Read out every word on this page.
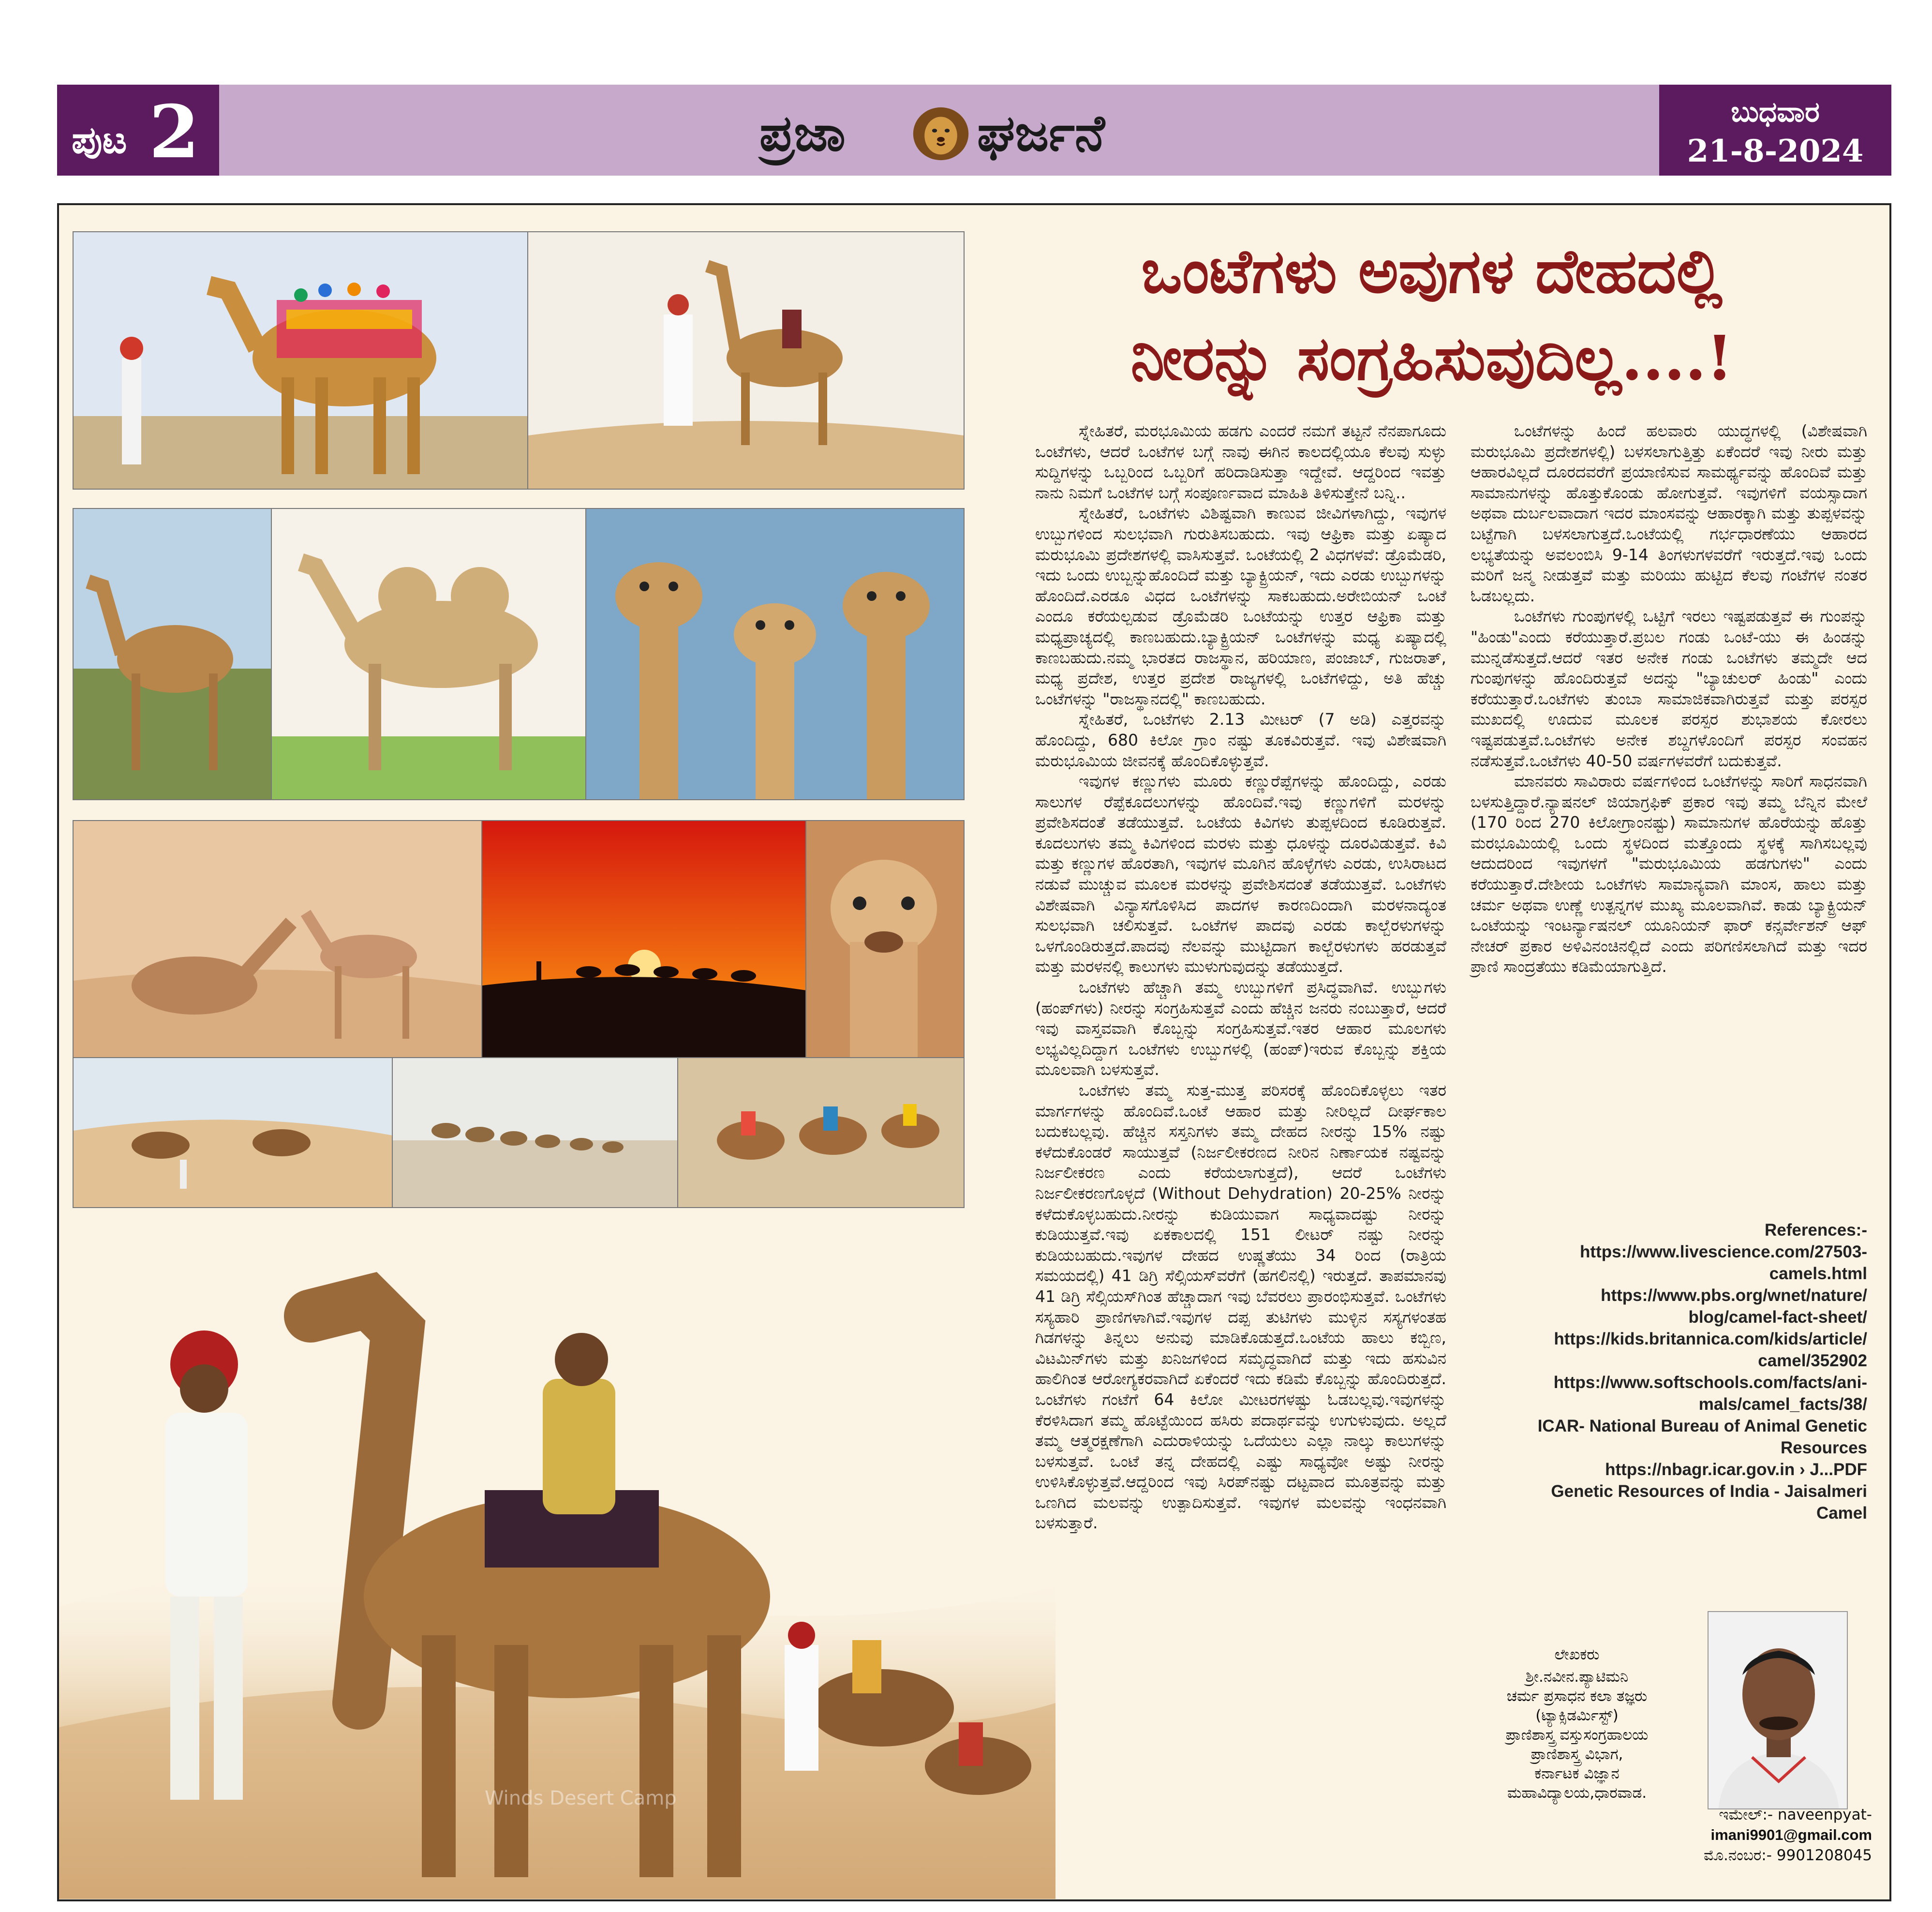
ಪುಟ 2	ಪ್ರಜಾ	ಘರ್ಜನೆ	ಬುಧವಾರ
21-8-2024
Winds Desert Camp
ಒಂಟೆಗಳು ಅವುಗಳ ದೇಹದಲ್ಲಿ
ನೀರನ್ನು ಸಂಗ್ರಹಿಸುವುದಿಲ್ಲ....!

ಸ್ನೇಹಿತರೆ, ಮರಭೂಮಿಯ ಹಡಗು ಎಂದರೆ ನಮಗೆ ತಟ್ಟನೆ ನೆನಪಾಗೂದು ಒಂಟೆಗಳು, ಆದರೆ ಒಂಟೆಗಳ ಬಗ್ಗೆ ನಾವು ಈಗಿನ ಕಾಲದಲ್ಲಿಯೂ ಕೆಲವು ಸುಳ್ಳು ಸುದ್ದಿಗಳನ್ನು ಒಬ್ಬರಿಂದ ಒಬ್ಬರಿಗೆ ಹರಿದಾಡಿಸುತ್ತಾ ಇದ್ದೇವೆ. ಆದ್ದರಿಂದ ಇವತ್ತು ನಾನು ನಿಮಗೆ ಒಂಟೆಗಳ ಬಗ್ಗೆ ಸಂಪೂರ್ಣವಾದ ಮಾಹಿತಿ ತಿಳಿಸುತ್ತೇನೆ ಬನ್ನಿ..

ಸ್ನೇಹಿತರೆ, ಒಂಟೆಗಳು ವಿಶಿಷ್ಟವಾಗಿ ಕಾಣುವ ಜೀವಿಗಳಾಗಿದ್ದು, ಇವುಗಳ ಉಬ್ಬುಗಳಿಂದ ಸುಲಭವಾಗಿ ಗುರುತಿಸಬಹುದು. ಇವು ಆಫ್ರಿಕಾ ಮತ್ತು ಏಷ್ಯಾದ ಮರುಭೂಮಿ ಪ್ರದೇಶಗಳಲ್ಲಿ ವಾಸಿಸುತ್ತವೆ. ಒಂಟೆಯಲ್ಲಿ 2 ವಿಧಗಳವೆ: ಡ್ರೊಮೆಡರಿ, ಇದು ಒಂದು ಉಬ್ಬನ್ನುಹೊಂದಿದೆ ಮತ್ತು ಬ್ಯಾಕ್ಟ್ರಿಯನ್, ಇದು ಎರಡು ಉಬ್ಬುಗಳನ್ನು ಹೊಂದಿದೆ.ಎರಡೂ ವಿಧದ ಒಂಟೆಗಳನ್ನು ಸಾಕಬಹುದು.ಅರೇಬಿಯನ್ ಒಂಟೆ ಎಂದೂ ಕರೆಯಲ್ಪಡುವ ಡ್ರೊಮೆಡರಿ ಒಂಟೆಯನ್ನು ಉತ್ತರ ಆಫ್ರಿಕಾ ಮತ್ತು ಮಧ್ಯಪ್ರಾಚ್ಯದಲ್ಲಿ ಕಾಣಬಹುದು.ಬ್ಯಾಕ್ಟ್ರಿಯನ್ ಒಂಟೆಗಳನ್ನು ಮಧ್ಯ ಏಷ್ಯಾದಲ್ಲಿ ಕಾಣಬಹುದು.ನಮ್ಮ ಭಾರತದ ರಾಜಸ್ಥಾನ, ಹರಿಯಾಣ, ಪಂಜಾಬ್, ಗುಜರಾತ್, ಮಧ್ಯ ಪ್ರದೇಶ, ಉತ್ತರ ಪ್ರದೇಶ ರಾಜ್ಯಗಳಲ್ಲಿ ಒಂಟೆಗಳಿದ್ದು, ಅತಿ ಹೆಚ್ಚು ಒಂಟೆಗಳನ್ನು "ರಾಜಸ್ಥಾನದಲ್ಲಿ" ಕಾಣಬಹುದು.

ಸ್ನೇಹಿತರೆ, ಒಂಟೆಗಳು 2.13 ಮೀಟರ್ (7 ಅಡಿ) ಎತ್ತರವನ್ನು ಹೊಂದಿದ್ದು, 680 ಕಿಲೋ ಗ್ರಾಂ ನಷ್ಟು ತೂಕವಿರುತ್ತವೆ. ಇವು ವಿಶೇಷವಾಗಿ ಮರುಭೂಮಿಯ ಜೀವನಕ್ಕೆ ಹೊಂದಿಕೊಳ್ಳುತ್ತವೆ.

ಇವುಗಳ ಕಣ್ಣುಗಳು ಮೂರು ಕಣ್ಣುರೆಪ್ಪೆಗಳನ್ನು ಹೊಂದಿದ್ದು, ಎರಡು ಸಾಲುಗಳ ರೆಪ್ಪೆಕೂದಲುಗಳನ್ನು ಹೊಂದಿವೆ.ಇವು ಕಣ್ಣುಗಳಿಗೆ ಮರಳನ್ನು ಪ್ರವೇಶಿಸದಂತೆ ತಡೆಯುತ್ತವೆ. ಒಂಟೆಯ ಕಿವಿಗಳು ತುಪ್ಪಳದಿಂದ ಕೂಡಿರುತ್ತವೆ. ಕೂದಲುಗಳು ತಮ್ಮ ಕಿವಿಗಳಿಂದ ಮರಳು ಮತ್ತು ಧೂಳನ್ನು ದೂರವಿಡುತ್ತವೆ. ಕಿವಿ ಮತ್ತು ಕಣ್ಣುಗಳ ಹೊರತಾಗಿ, ಇವುಗಳ ಮೂಗಿನ ಹೊಳ್ಳೆಗಳು ಎರಡು, ಉಸಿರಾಟದ ನಡುವೆ ಮುಚ್ಚುವ ಮೂಲಕ ಮರಳನ್ನು ಪ್ರವೇಶಿಸದಂತೆ ತಡೆಯುತ್ತವೆ. ಒಂಟೆಗಳು ವಿಶೇಷವಾಗಿ ವಿನ್ಯಾಸಗೊಳಿಸಿದ ಪಾದಗಳ ಕಾರಣದಿಂದಾಗಿ ಮರಳನಾದ್ಯಂತ ಸುಲಭವಾಗಿ ಚಲಿಸುತ್ತವೆ. ಒಂಟೆಗಳ ಪಾದವು ಎರಡು ಕಾಲ್ಬೆರಳುಗಳನ್ನು ಒಳಗೊಂಡಿರುತ್ತದೆ.ಪಾದವು ನೆಲವನ್ನು ಮುಟ್ಟಿದಾಗ ಕಾಲ್ಬೆರಳುಗಳು ಹರಡುತ್ತವೆ ಮತ್ತು ಮರಳನಲ್ಲಿ ಕಾಲುಗಳು ಮುಳುಗುವುದನ್ನು ತಡೆಯುತ್ತದೆ.

ಒಂಟೆಗಳು ಹೆಚ್ಚಾಗಿ ತಮ್ಮ ಉಬ್ಬುಗಳಿಗೆ ಪ್ರಸಿದ್ಧವಾಗಿವೆ. ಉಬ್ಬುಗಳು (ಹಂಪ್‌ಗಳು) ನೀರನ್ನು ಸಂಗ್ರಹಿಸುತ್ತವೆ ಎಂದು ಹೆಚ್ಚಿನ ಜನರು ನಂಬುತ್ತಾರೆ, ಆದರೆ ಇವು ವಾಸ್ತವವಾಗಿ ಕೊಬ್ಬನ್ನು ಸಂಗ್ರಹಿಸುತ್ತವೆ.ಇತರ ಆಹಾರ ಮೂಲಗಳು ಲಭ್ಯವಿಲ್ಲದಿದ್ದಾಗ ಒಂಟೆಗಳು ಉಬ್ಬುಗಳಲ್ಲಿ (ಹಂಪ್)ಇರುವ ಕೊಬ್ಬನ್ನು ಶಕ್ತಿಯ ಮೂಲವಾಗಿ ಬಳಸುತ್ತವೆ.

ಒಂಟೆಗಳು ತಮ್ಮ ಸುತ್ತ-ಮುತ್ತ ಪರಿಸರಕ್ಕೆ ಹೊಂದಿಕೊಳ್ಳಲು ಇತರ ಮಾರ್ಗಗಳನ್ನು ಹೊಂದಿವೆ.ಒಂಟೆ ಆಹಾರ ಮತ್ತು ನೀರಿಲ್ಲದೆ ದೀರ್ಘಕಾಲ ಬದುಕಬಲ್ಲವು. ಹೆಚ್ಚಿನ ಸಸ್ತನಿಗಳು ತಮ್ಮ ದೇಹದ ನೀರನ್ನು 15% ನಷ್ಟು ಕಳೆದುಕೊಂಡರೆ ಸಾಯುತ್ತವೆ (ನಿರ್ಜಲೀಕರಣದ ನೀರಿನ ನಿರ್ಣಾಯಕ ನಷ್ಟವನ್ನು ನಿರ್ಜಲೀಕರಣ ಎಂದು ಕರೆಯಲಾಗುತ್ತದೆ), ಆದರೆ ಒಂಟೆಗಳು ನಿರ್ಜಲೀಕರಣಗೊಳ್ಳದೆ (Without Dehydration) 20-25% ನೀರನ್ನು ಕಳೆದುಕೊಳ್ಳಬಹುದು.ನೀರನ್ನು ಕುಡಿಯುವಾಗ ಸಾಧ್ಯವಾದಷ್ಟು ನೀರನ್ನು ಕುಡಿಯುತ್ತವೆ.ಇವು ಏಕಕಾಲದಲ್ಲಿ 151 ಲೀಟರ್ ನಷ್ಟು ನೀರನ್ನು ಕುಡಿಯಬಹುದು.ಇವುಗಳ ದೇಹದ ಉಷ್ಣತೆಯು 34 ರಿಂದ (ರಾತ್ರಿಯ ಸಮಯದಲ್ಲಿ) 41 ಡಿಗ್ರಿ ಸೆಲ್ಸಿಯಸ್‌ವರೆಗೆ (ಹಗಲಿನಲ್ಲಿ) ಇರುತ್ತದೆ. ತಾಪಮಾನವು 41 ಡಿಗ್ರಿ ಸೆಲ್ಸಿಯಸ್‌ಗಿಂತ ಹೆಚ್ಚಾದಾಗ ಇವು ಬೆವರಲು ಪ್ರಾರಂಭಿಸುತ್ತವೆ. ಒಂಟೆಗಳು ಸಸ್ಯಹಾರಿ ಪ್ರಾಣಿಗಳಾಗಿವೆ.ಇವುಗಳ ದಪ್ಪ ತುಟಿಗಳು ಮುಳ್ಳಿನ ಸಸ್ಯಗಳಂತಹ ಗಿಡಗಳನ್ನು ತಿನ್ನಲು ಅನುವು ಮಾಡಿಕೊಡುತ್ತದೆ.ಒಂಟೆಯ ಹಾಲು ಕಬ್ಬಿಣ, ವಿಟಮಿನ್‌ಗಳು ಮತ್ತು ಖನಿಜಗಳಿಂದ ಸಮೃದ್ಧವಾಗಿದೆ ಮತ್ತು ಇದು ಹಸುವಿನ ಹಾಲಿಗಿಂತ ಆರೋಗ್ಯಕರವಾಗಿದೆ ಏಕೆಂದರೆ ಇದು ಕಡಿಮೆ ಕೊಬ್ಬನ್ನು ಹೊಂದಿರುತ್ತದೆ. ಒಂಟೆಗಳು ಗಂಟೆಗೆ 64 ಕಿಲೋ ಮೀಟರಗಳಷ್ಟು ಓಡಬಲ್ಲವು.ಇವುಗಳನ್ನು ಕೆರಳಿಸಿದಾಗ ತಮ್ಮ ಹೊಟ್ಟೆಯಿಂದ ಹಸಿರು ಪದಾರ್ಥವನ್ನು ಉಗುಳುವುದು. ಅಲ್ಲದೆ ತಮ್ಮ ಆತ್ಮರಕ್ಷಣೆಗಾಗಿ ಎದುರಾಳಿಯನ್ನು ಒದೆಯಲು ಎಲ್ಲಾ ನಾಲ್ಕು ಕಾಲುಗಳನ್ನು ಬಳಸುತ್ತವೆ. ಒಂಟೆ ತನ್ನ ದೇಹದಲ್ಲಿ ಎಷ್ಟು ಸಾಧ್ಯವೋ ಅಷ್ಟು ನೀರನ್ನು ಉಳಿಸಿಕೊಳ್ಳುತ್ತವೆ.ಆದ್ದರಿಂದ ಇವು ಸಿರಪ್‌ನಷ್ಟು ದಟ್ಟವಾದ ಮೂತ್ರವನ್ನು ಮತ್ತು ಒಣಗಿದ ಮಲವನ್ನು ಉತ್ಪಾದಿಸುತ್ತವೆ. ಇವುಗಳ ಮಲವನ್ನು ಇಂಧನವಾಗಿ ಬಳಸುತ್ತಾರೆ.

ಒಂಟೆಗಳನ್ನು ಹಿಂದೆ ಹಲವಾರು ಯುದ್ಧಗಳಲ್ಲಿ (ವಿಶೇಷವಾಗಿ ಮರುಭೂಮಿ ಪ್ರದೇಶಗಳಲ್ಲಿ) ಬಳಸಲಾಗುತ್ತಿತ್ತು ಏಕೆಂದರೆ ಇವು ನೀರು ಮತ್ತು ಆಹಾರವಿಲ್ಲದೆ ದೂರದವರೆಗೆ ಪ್ರಯಾಣಿಸುವ ಸಾಮರ್ಥ್ಯವನ್ನು ಹೊಂದಿವೆ ಮತ್ತು ಸಾಮಾನುಗಳನ್ನು ಹೊತ್ತುಕೊಂಡು ಹೋಗುತ್ತವೆ. ಇವುಗಳಿಗೆ ವಯಸ್ಸಾದಾಗ ಅಥವಾ ದುರ್ಬಲವಾದಾಗ ಇದರ ಮಾಂಸವನ್ನು ಆಹಾರಕ್ಕಾಗಿ ಮತ್ತು ತುಪ್ಪಳವನ್ನು ಬಟ್ಟೆಗಾಗಿ ಬಳಸಲಾಗುತ್ತದೆ.ಒಂಟೆಯಲ್ಲಿ ಗರ್ಭಧಾರಣೆಯು ಆಹಾರದ ಲಭ್ಯತೆಯನ್ನು ಅವಲಂಬಿಸಿ 9-14 ತಿಂಗಳುಗಳವರೆಗೆ ಇರುತ್ತದೆ.ಇವು ಒಂದು ಮರಿಗೆ ಜನ್ಮ ನೀಡುತ್ತವೆ ಮತ್ತು ಮರಿಯು ಹುಟ್ಟಿದ ಕೆಲವು ಗಂಟೆಗಳ ನಂತರ ಓಡಬಲ್ಲದು.

ಒಂಟೆಗಳು ಗುಂಪುಗಳಲ್ಲಿ ಒಟ್ಟಿಗೆ ಇರಲು ಇಷ್ಟಪಡುತ್ತವೆ ಈ ಗುಂಪನ್ನು "ಹಿಂಡು"ಎಂದು ಕರೆಯುತ್ತಾರೆ.ಪ್ರಬಲ ಗಂಡು ಒಂಟೆ-ಯು ಈ ಹಿಂಡನ್ನು ಮುನ್ನಡೆಸುತ್ತದೆ.ಆದರೆ ಇತರ ಅನೇಕ ಗಂಡು ಒಂಟೆಗಳು ತಮ್ಮದೇ ಆದ ಗುಂಪುಗಳನ್ನು ಹೊಂದಿರುತ್ತವೆ ಅದನ್ನು "ಬ್ಯಾಚುಲರ್ ಹಿಂಡು" ಎಂದು ಕರೆಯುತ್ತಾರೆ.ಒಂಟೆಗಳು ತುಂಬಾ ಸಾಮಾಜಿಕವಾಗಿರುತ್ತವೆ ಮತ್ತು ಪರಸ್ಪರ ಮುಖದಲ್ಲಿ ಊದುವ ಮೂಲಕ ಪರಸ್ಪರ ಶುಭಾಶಯ ಕೋರಲು ಇಷ್ಟಪಡುತ್ತವೆ.ಒಂಟೆಗಳು ಅನೇಕ ಶಬ್ದಗಳೊಂದಿಗೆ ಪರಸ್ಪರ ಸಂವಹನ ನಡೆಸುತ್ತವೆ.ಒಂಟೆಗಳು 40-50 ವರ್ಷಗಳವರೆಗೆ ಬದುಕುತ್ತವೆ.

ಮಾನವರು ಸಾವಿರಾರು ವರ್ಷಗಳಿಂದ ಒಂಟೆಗಳನ್ನು ಸಾರಿಗೆ ಸಾಧನವಾಗಿ ಬಳಸುತ್ತಿದ್ದಾರೆ.ನ್ಯಾಷನಲ್ ಜಿಯಾಗ್ರಫಿಕ್ ಪ್ರಕಾರ ಇವು ತಮ್ಮ ಬೆನ್ನಿನ ಮೇಲೆ (170 ರಿಂದ 270 ಕಿಲೋಗ್ರಾಂನಷ್ಟು) ಸಾಮಾನುಗಳ ಹೊರೆಯನ್ನು ಹೊತ್ತು ಮರಭೂಮಿಯಲ್ಲಿ ಒಂದು ಸ್ಥಳದಿಂದ ಮತ್ತೊಂದು ಸ್ಥಳಕ್ಕೆ ಸಾಗಿಸಬಲ್ಲವು ಆದುದರಿಂದ ಇವುಗಳಗೆ "ಮರುಭೂಮಿಯ ಹಡಗುಗಳು" ಎಂದು ಕರೆಯುತ್ತಾರೆ.ದೇಶೀಯ ಒಂಟೆಗಳು ಸಾಮಾನ್ಯವಾಗಿ ಮಾಂಸ, ಹಾಲು ಮತ್ತು ಚರ್ಮ ಅಥವಾ ಉಣ್ಣೆ ಉತ್ಪನ್ನಗಳ ಮುಖ್ಯ ಮೂಲವಾಗಿವೆ. ಕಾಡು ಬ್ಯಾಕ್ಟ್ರಿಯನ್ ಒಂಟೆಯನ್ನು ಇಂಟರ್ನ್ಯಾಷನಲ್ ಯೂನಿಯನ್ ಫಾರ್ ಕನ್ಸರ್ವೇಶನ್ ಆಫ್ ನೇಚರ್ ಪ್ರಕಾರ ಅಳಿವಿನಂಚಿನಲ್ಲಿದೆ ಎಂದು ಪರಿಗಣಿಸಲಾಗಿದೆ ಮತ್ತು ಇದರ ಪ್ರಾಣಿ ಸಾಂದ್ರತೆಯು ಕಡಿಮೆಯಾಗುತ್ತಿದೆ.

References:-
https://www.livescience.com/27503-
camels.html
https://www.pbs.org/wnet/nature/
blog/camel-fact-sheet/
https://kids.britannica.com/kids/article/
camel/352902
https://www.softschools.com/facts/ani-
mals/camel_facts/38/
ICAR- National Bureau of Animal Genetic
Resources
https://nbagr.icar.gov.in › J...PDF
Genetic Resources of India - Jaisalmeri
Camel
ಲೇಖಕರು
ಶ್ರೀ.ನವೀನ.ಪ್ಯಾಟಿಮನಿ
ಚರ್ಮ ಪ್ರಸಾಧನ ಕಲಾ ತಜ್ಞರು
(ಟ್ಯಾಕ್ಸಿಡರ್ಮಿಸ್ಟ್)
ಪ್ರಾಣಿಶಾಸ್ತ್ರ ವಸ್ತುಸಂಗ್ರಹಾಲಯ
ಪ್ರಾಣಿಶಾಸ್ತ್ರ ವಿಭಾಗ,
ಕರ್ನಾಟಕ ವಿಜ್ಞಾನ
ಮಹಾವಿದ್ಯಾಲಯ,ಧಾರವಾಡ.
ಇಮೇಲ್:- naveenpyat-
imani9901@gmail.com
ಮೊ.ನಂಬರ:- 9901208045
